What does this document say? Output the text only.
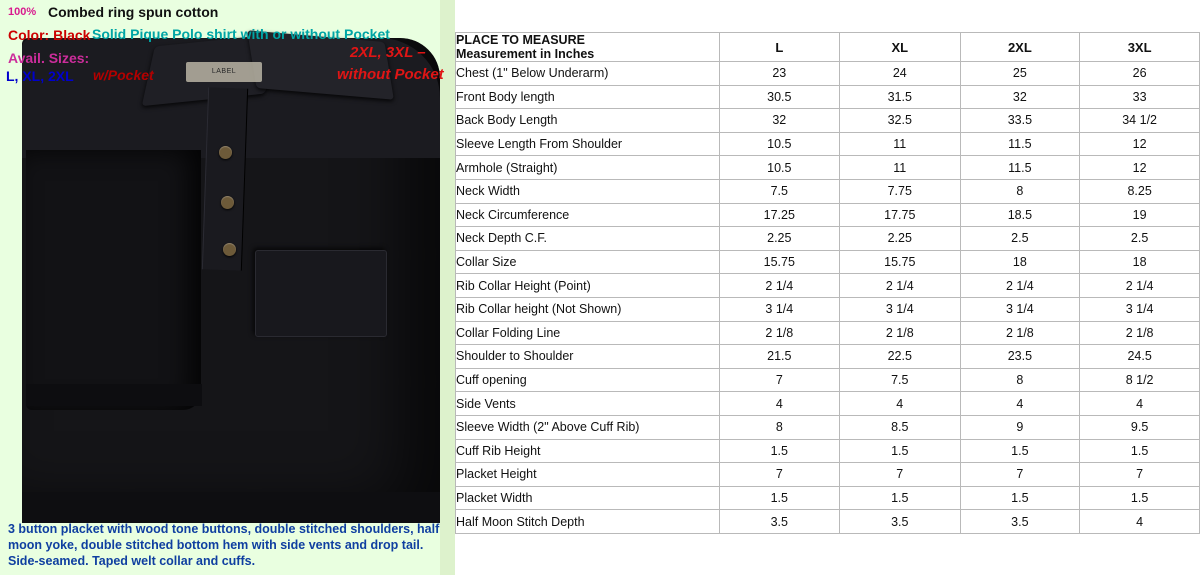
LABEL
100% Combed ring spun cotton
Color: Black Solid Pique Polo shirt with or without Pocket
Avail. Sizes:
L, XL, 2XL w/Pocket
2XL, 3XL –
without Pocket
3 button placket with wood tone buttons, double stitched shoulders, half moon yoke, double stitched bottom hem with side vents and drop tail. Side-seamed. Taped welt collar and cuffs.
PLACE TO MEASURE
Measurement in Inches	L	XL	2XL	3XL
Chest (1" Below Underarm)	23	24	25	26
Front Body length	30.5	31.5	32	33
Back Body Length	32	32.5	33.5	34 1/2
Sleeve Length From Shoulder	10.5	11	11.5	12
Armhole (Straight)	10.5	11	11.5	12
Neck Width	7.5	7.75	8	8.25
Neck Circumference	17.25	17.75	18.5	19
Neck Depth C.F.	2.25	2.25	2.5	2.5
Collar Size	15.75	15.75	18	18
Rib Collar Height (Point)	2 1/4	2 1/4	2 1/4	2 1/4
Rib Collar height (Not Shown)	3 1/4	3 1/4	3 1/4	3 1/4
Collar Folding Line	2 1/8	2 1/8	2 1/8	2 1/8
Shoulder to Shoulder	21.5	22.5	23.5	24.5
Cuff opening	7	7.5	8	8 1/2
Side Vents	4	4	4	4
Sleeve Width (2" Above Cuff Rib)	8	8.5	9	9.5
Cuff Rib Height	1.5	1.5	1.5	1.5
Placket Height	7	7	7	7
Placket Width	1.5	1.5	1.5	1.5
Half Moon Stitch Depth	3.5	3.5	3.5	4
